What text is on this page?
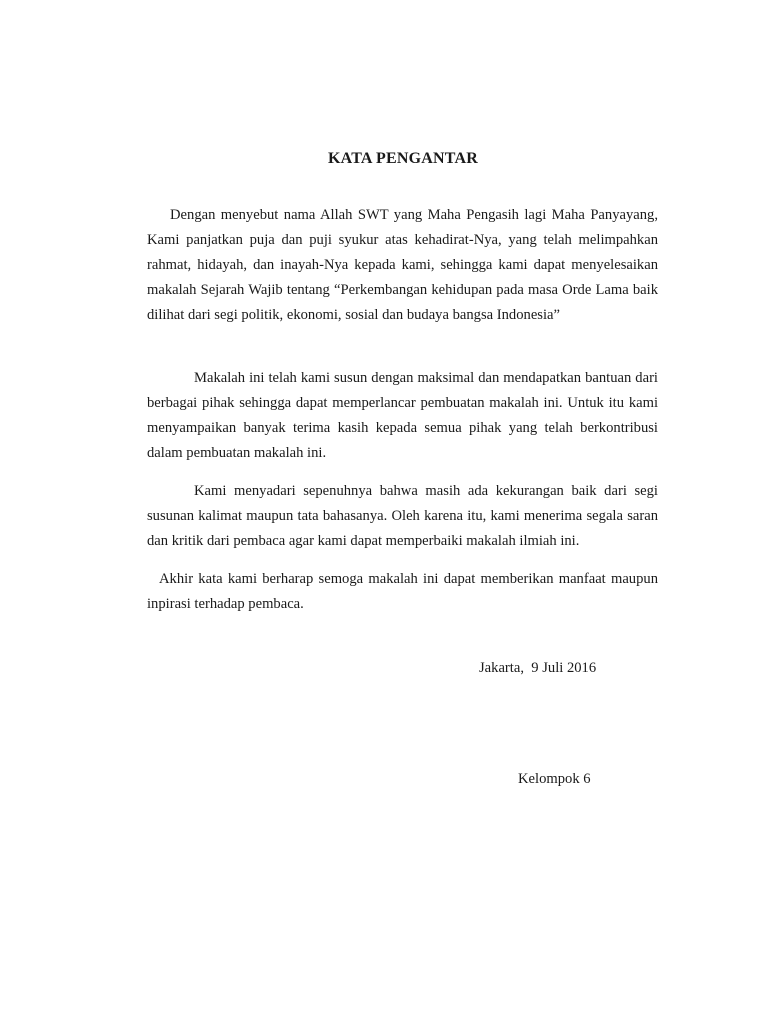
KATA PENGANTAR

Dengan menyebut nama Allah SWT yang Maha Pengasih lagi Maha Panyayang, Kami panjatkan puja dan puji syukur atas kehadirat-Nya, yang telah melimpahkan rahmat, hidayah, dan inayah-Nya kepada kami, sehingga kami dapat menyelesaikan makalah Sejarah Wajib tentang “Perkembangan kehidupan pada masa Orde Lama baik dilihat dari segi politik, ekonomi, sosial dan budaya bangsa Indonesia”

Makalah ini telah kami susun dengan maksimal dan mendapatkan bantuan dari berbagai pihak sehingga dapat memperlancar pembuatan makalah ini. Untuk itu kami menyampaikan banyak terima kasih kepada semua pihak yang telah berkontribusi dalam pembuatan makalah ini.

Kami menyadari sepenuhnya bahwa masih ada kekurangan baik dari segi susunan kalimat maupun tata bahasanya. Oleh karena itu, kami menerima segala saran dan kritik dari pembaca agar kami dapat memperbaiki makalah ilmiah ini.

Akhir kata kami berharap semoga makalah ini dapat memberikan manfaat maupun inpirasi terhadap pembaca.

Jakarta,  9 Juli 2016
Kelompok 6
